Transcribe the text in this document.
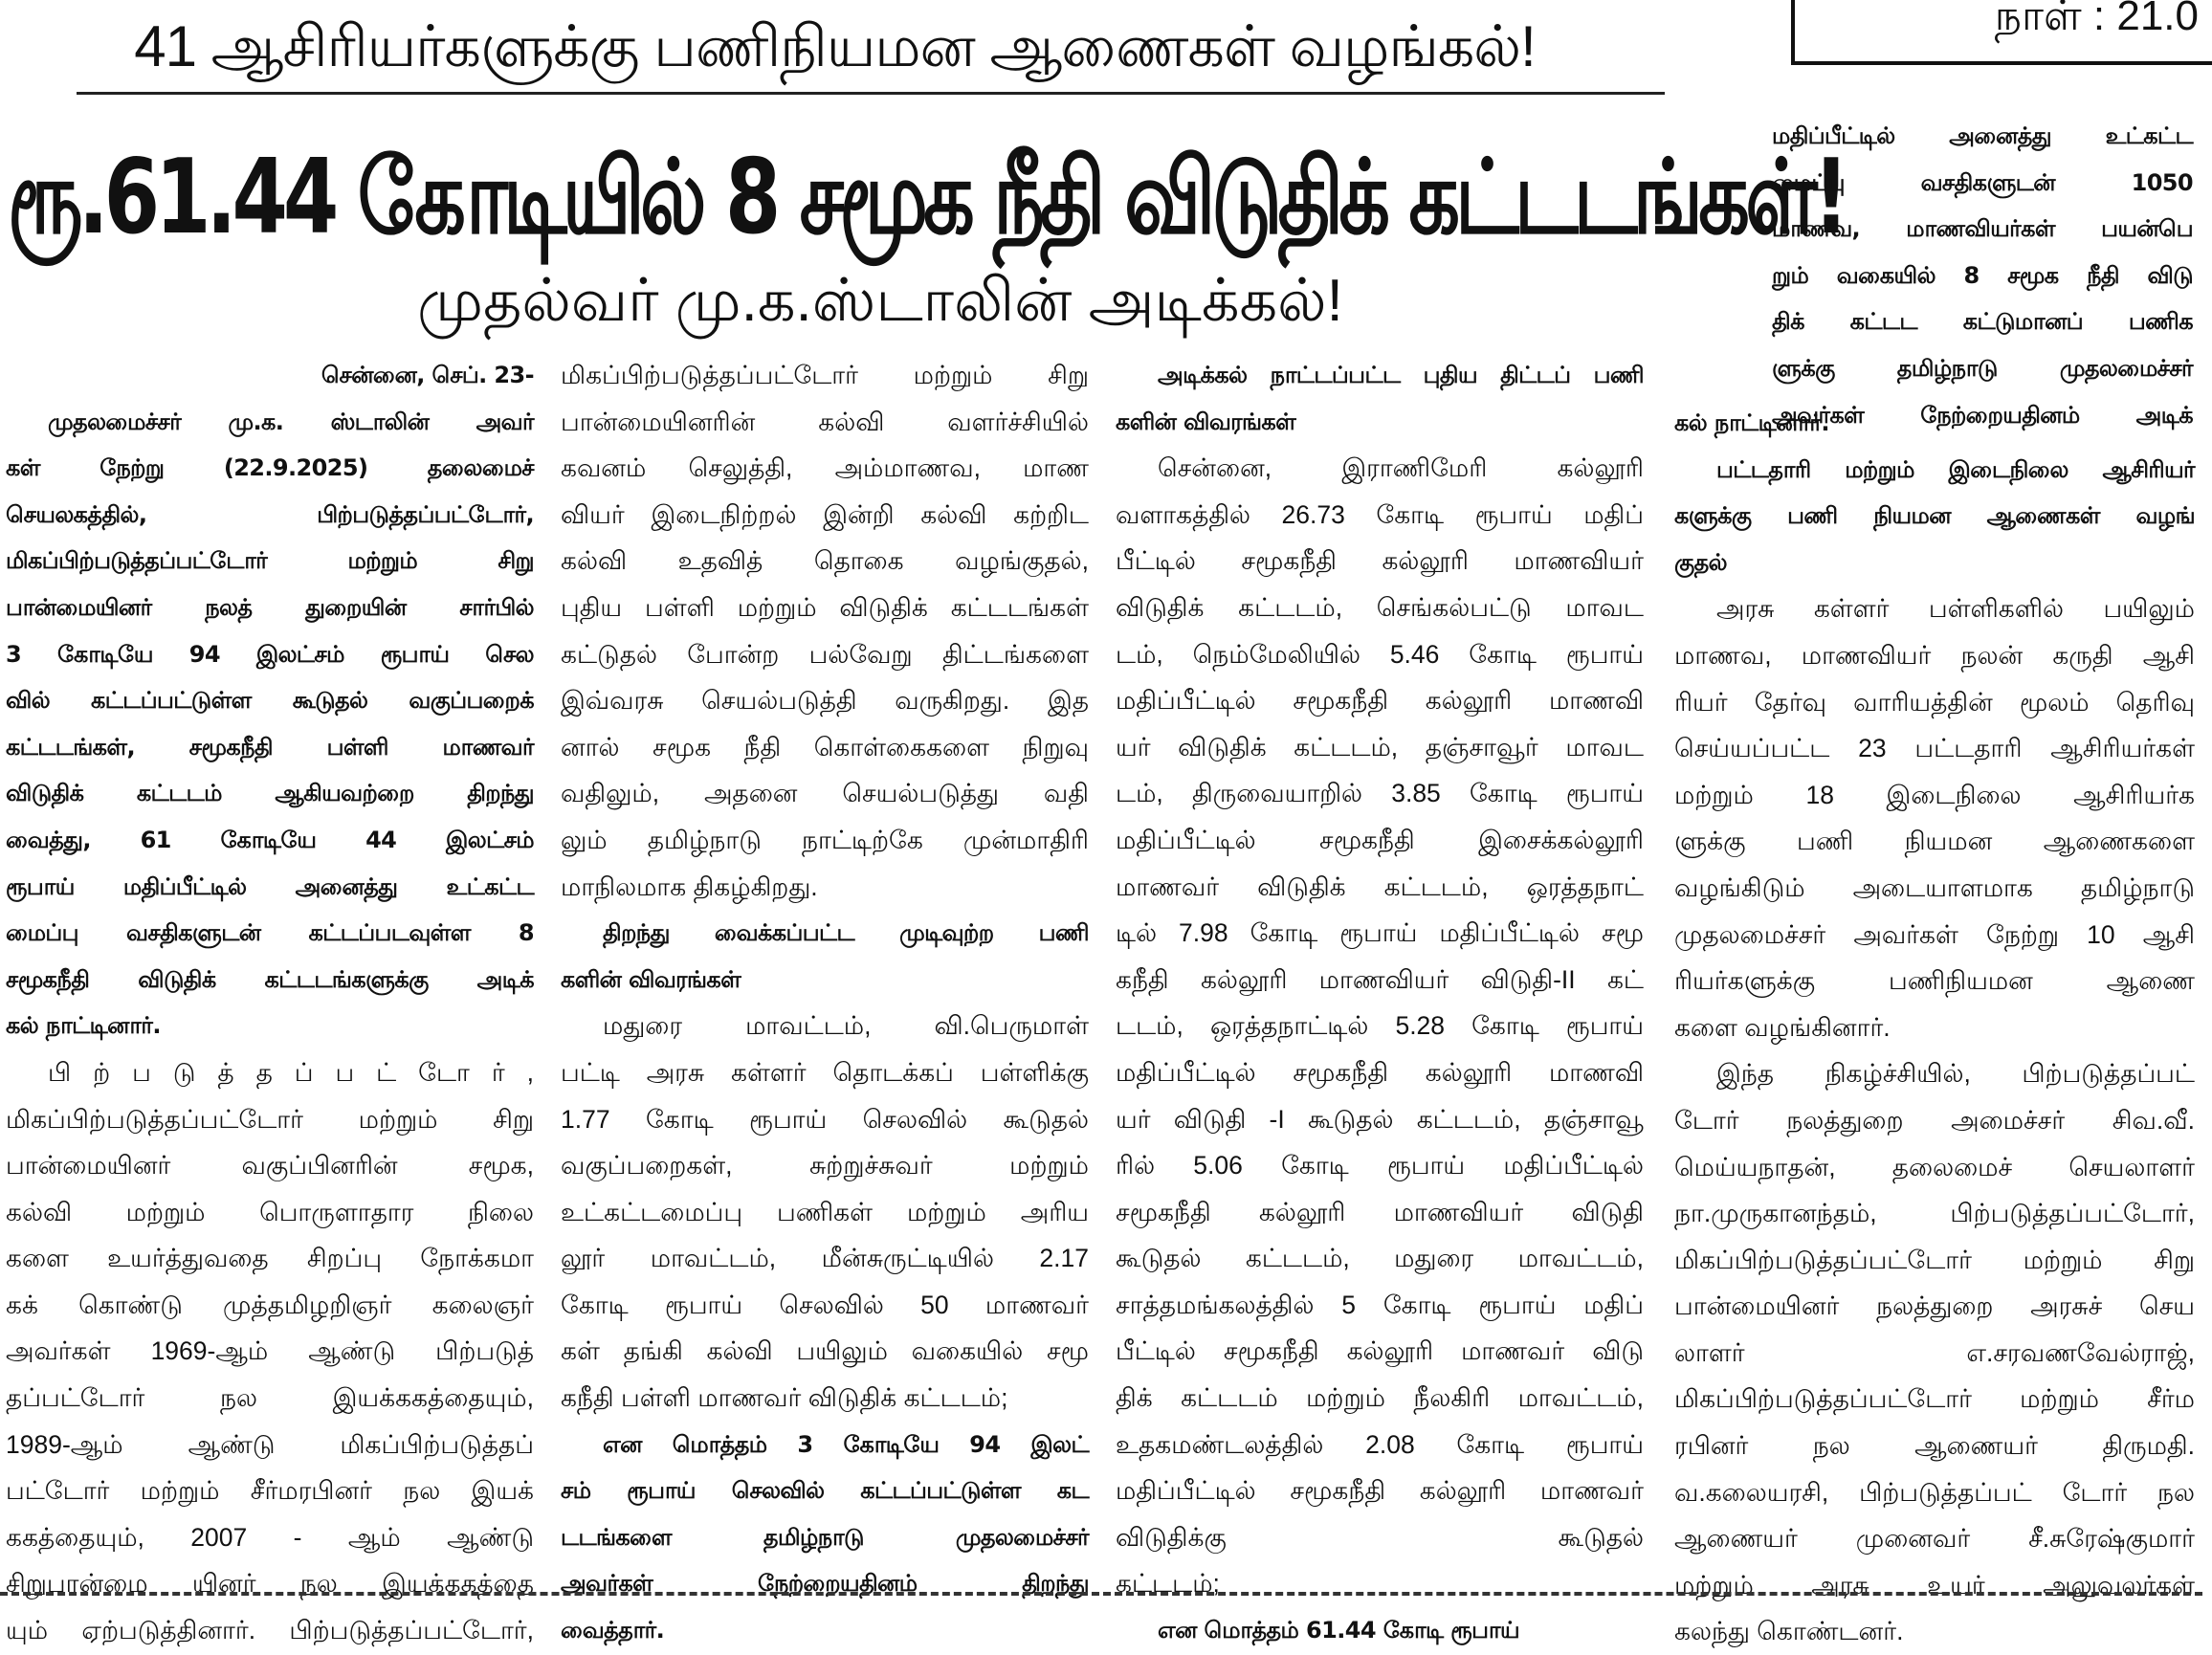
41 ஆசிரியர்களுக்கு பணிநியமன ஆணைகள் வழங்கல்!
ரூ.61.44 கோடியில் 8 சமூக நீதி விடுதிக் கட்டடங்கள்!
முதல்வர் மு.க.ஸ்டாலின் அடிக்கல்!
நாள் : 21.0
சென்னை, செப். 23-
முதலமைச்சர் மு.க. ஸ்டாலின் அவர்
கள் நேற்று (22.9.2025) தலைமைச்
செயலகத்தில், பிற்படுத்தப்பட்டோர்,
மிகப்பிற்படுத்தப்பட்டோர் மற்றும் சிறு
பான்மையினர் நலத் துறையின் சார்பில்
3 கோடியே 94 இலட்சம் ரூபாய் செல
வில் கட்டப்பட்டுள்ள கூடுதல் வகுப்பறைக்
கட்டடங்கள், சமூகநீதி பள்ளி மாணவர்
விடுதிக் கட்டடம் ஆகியவற்றை திறந்து
வைத்து, 61 கோடியே 44 இலட்சம்
ரூபாய் மதிப்பீட்டில் அனைத்து உட்கட்ட
மைப்பு வசதிகளுடன் கட்டப்படவுள்ள 8
சமூகநீதி விடுதிக் கட்டடங்களுக்கு அடிக்
கல் நாட்டினார்.
பி ற் ப டு த் த ப் ப ட் டோ ர் ,
மிகப்பிற்படுத்தப்பட்டோர் மற்றும் சிறு
பான்மையினர் வகுப்பினரின் சமூக,
கல்வி மற்றும் பொருளாதார நிலை
களை உயர்த்துவதை சிறப்பு நோக்கமா
கக் கொண்டு முத்தமிழறிஞர் கலைஞர்
அவர்கள் 1969-ஆம் ஆண்டு பிற்படுத்
தப்பட்டோர் நல இயக்ககத்தையும்,
1989-ஆம் ஆண்டு மிகப்பிற்படுத்தப்
பட்டோர் மற்றும் சீர்மரபினர் நல இயக்
ககத்தையும், 2007 - ஆம் ஆண்டு
சிறுபான்மை யினர் நல இயக்ககத்தை
யும் ஏற்படுத்தினார். பிற்படுத்தப்பட்டோர்,
மிகப்பிற்படுத்தப்பட்டோர் மற்றும் சிறு
பான்மையினரின் கல்வி வளர்ச்சியில்
கவனம் செலுத்தி, அம்மாணவ, மாண
வியர் இடைநிற்றல் இன்றி கல்வி கற்றிட
கல்வி உதவித் தொகை வழங்குதல்,
புதிய பள்ளி மற்றும் விடுதிக் கட்டடங்கள்
கட்டுதல் போன்ற பல்வேறு திட்டங்களை
இவ்வரசு செயல்படுத்தி வருகிறது. இத
னால் சமூக நீதி கொள்கைகளை நிறுவு
வதிலும், அதனை செயல்படுத்து வதி
லும் தமிழ்நாடு நாட்டிற்கே முன்மாதிரி
மாநிலமாக திகழ்கிறது.
திறந்து வைக்கப்பட்ட முடிவுற்ற பணி
களின் விவரங்கள்
மதுரை மாவட்டம், வி.பெருமாள்
பட்டி அரசு கள்ளர் தொடக்கப் பள்ளிக்கு
1.77 கோடி ரூபாய் செலவில் கூடுதல்
வகுப்பறைகள், சுற்றுச்சுவர் மற்றும்
உட்கட்டமைப்பு பணிகள் மற்றும் அரிய
லூர் மாவட்டம், மீன்சுருட்டியில் 2.17
கோடி ரூபாய் செலவில் 50 மாணவர்
கள் தங்கி கல்வி பயிலும் வகையில் சமூ
கநீதி பள்ளி மாணவர் விடுதிக் கட்டடம்;
என மொத்தம் 3 கோடியே 94 இலட்
சம் ரூபாய் செலவில் கட்டப்பட்டுள்ள கட
டடங்களை தமிழ்நாடு முதலமைச்சர்
அவர்கள் நேற்றையதினம் திறந்து
வைத்தார்.
அடிக்கல் நாட்டப்பட்ட புதிய திட்டப் பணி
களின் விவரங்கள்
சென்னை, இராணிமேரி கல்லூரி
வளாகத்தில் 26.73 கோடி ரூபாய் மதிப்
பீட்டில் சமூகநீதி கல்லூரி மாணவியர்
விடுதிக் கட்டடம், செங்கல்பட்டு மாவட
டம், நெம்மேலியில் 5.46 கோடி ரூபாய்
மதிப்பீட்டில் சமூகநீதி கல்லூரி மாணவி
யர் விடுதிக் கட்டடம், தஞ்சாவூர் மாவட
டம், திருவையாறில் 3.85 கோடி ரூபாய்
மதிப்பீட்டில் சமூகநீதி இசைக்கல்லூரி
மாணவர் விடுதிக் கட்டடம், ஒரத்தநாட்
டில் 7.98 கோடி ரூபாய் மதிப்பீட்டில் சமூ
கநீதி கல்லூரி மாணவியர் விடுதி-II கட்
டடம், ஒரத்தநாட்டில் 5.28 கோடி ரூபாய்
மதிப்பீட்டில் சமூகநீதி கல்லூரி மாணவி
யர் விடுதி -I கூடுதல் கட்டடம், தஞ்சாவூ
ரில் 5.06 கோடி ரூபாய் மதிப்பீட்டில்
சமூகநீதி கல்லூரி மாணவியர் விடுதி
கூடுதல் கட்டடம், மதுரை மாவட்டம்,
சாத்தமங்கலத்தில் 5 கோடி ரூபாய் மதிப்
பீட்டில் சமூகநீதி கல்லூரி மாணவர் விடு
திக் கட்டடம் மற்றும் நீலகிரி மாவட்டம்,
உதகமண்டலத்தில் 2.08 கோடி ரூபாய்
மதிப்பீட்டில் சமூகநீதி கல்லூரி மாணவர்
விடுதிக்கு கூடுதல்
கட்டடம்;
என மொத்தம் 61.44 கோடி ரூபாய்
மதிப்பீட்டில் அனைத்து உட்கட்ட
மைப்பு வசதிகளுடன் 1050
மாணவ, மாணவியர்கள் பயன்பெ
றும் வகையில் 8 சமூக நீதி விடு
திக் கட்டட கட்டுமானப் பணிக
ளுக்கு தமிழ்நாடு முதலமைச்சர்
அவர்கள் நேற்றையதினம் அடிக்
கல் நாட்டினார்.
பட்டதாரி மற்றும் இடைநிலை ஆசிரியர்
களுக்கு பணி நியமன ஆணைகள் வழங்
குதல்
அரசு கள்ளர் பள்ளிகளில் பயிலும்
மாணவ, மாணவியர் நலன் கருதி ஆசி
ரியர் தேர்வு வாரியத்தின் மூலம் தெரிவு
செய்யப்பட்ட 23 பட்டதாரி ஆசிரியர்கள்
மற்றும் 18 இடைநிலை ஆசிரியர்க
ளுக்கு பணி நியமன ஆணைகளை
வழங்கிடும் அடையாளமாக தமிழ்நாடு
முதலமைச்சர் அவர்கள் நேற்று 10 ஆசி
ரியர்களுக்கு பணிநியமன ஆணை
களை வழங்கினார்.
இந்த நிகழ்ச்சியில், பிற்படுத்தப்பட்
டோர் நலத்துறை அமைச்சர் சிவ.வீ.
மெய்யநாதன், தலைமைச் செயலாளர்
நா.முருகானந்தம், பிற்படுத்தப்பட்டோர்,
மிகப்பிற்படுத்தப்பட்டோர் மற்றும் சிறு
பான்மையினர் நலத்துறை அரசுச் செய
லாளர் எ.சரவணவேல்ராஜ்,
மிகப்பிற்படுத்தப்பட்டோர் மற்றும் சீர்ம
ரபினர் நல ஆணையர் திருமதி.
வ.கலையரசி, பிற்படுத்தப்பட் டோர் நல
ஆணையர் முனைவர் சீ.சுரேஷ்குமார்
மற்றும் அரசு உயர் அலுவலர்கள்
கலந்து கொண்டனர்.
